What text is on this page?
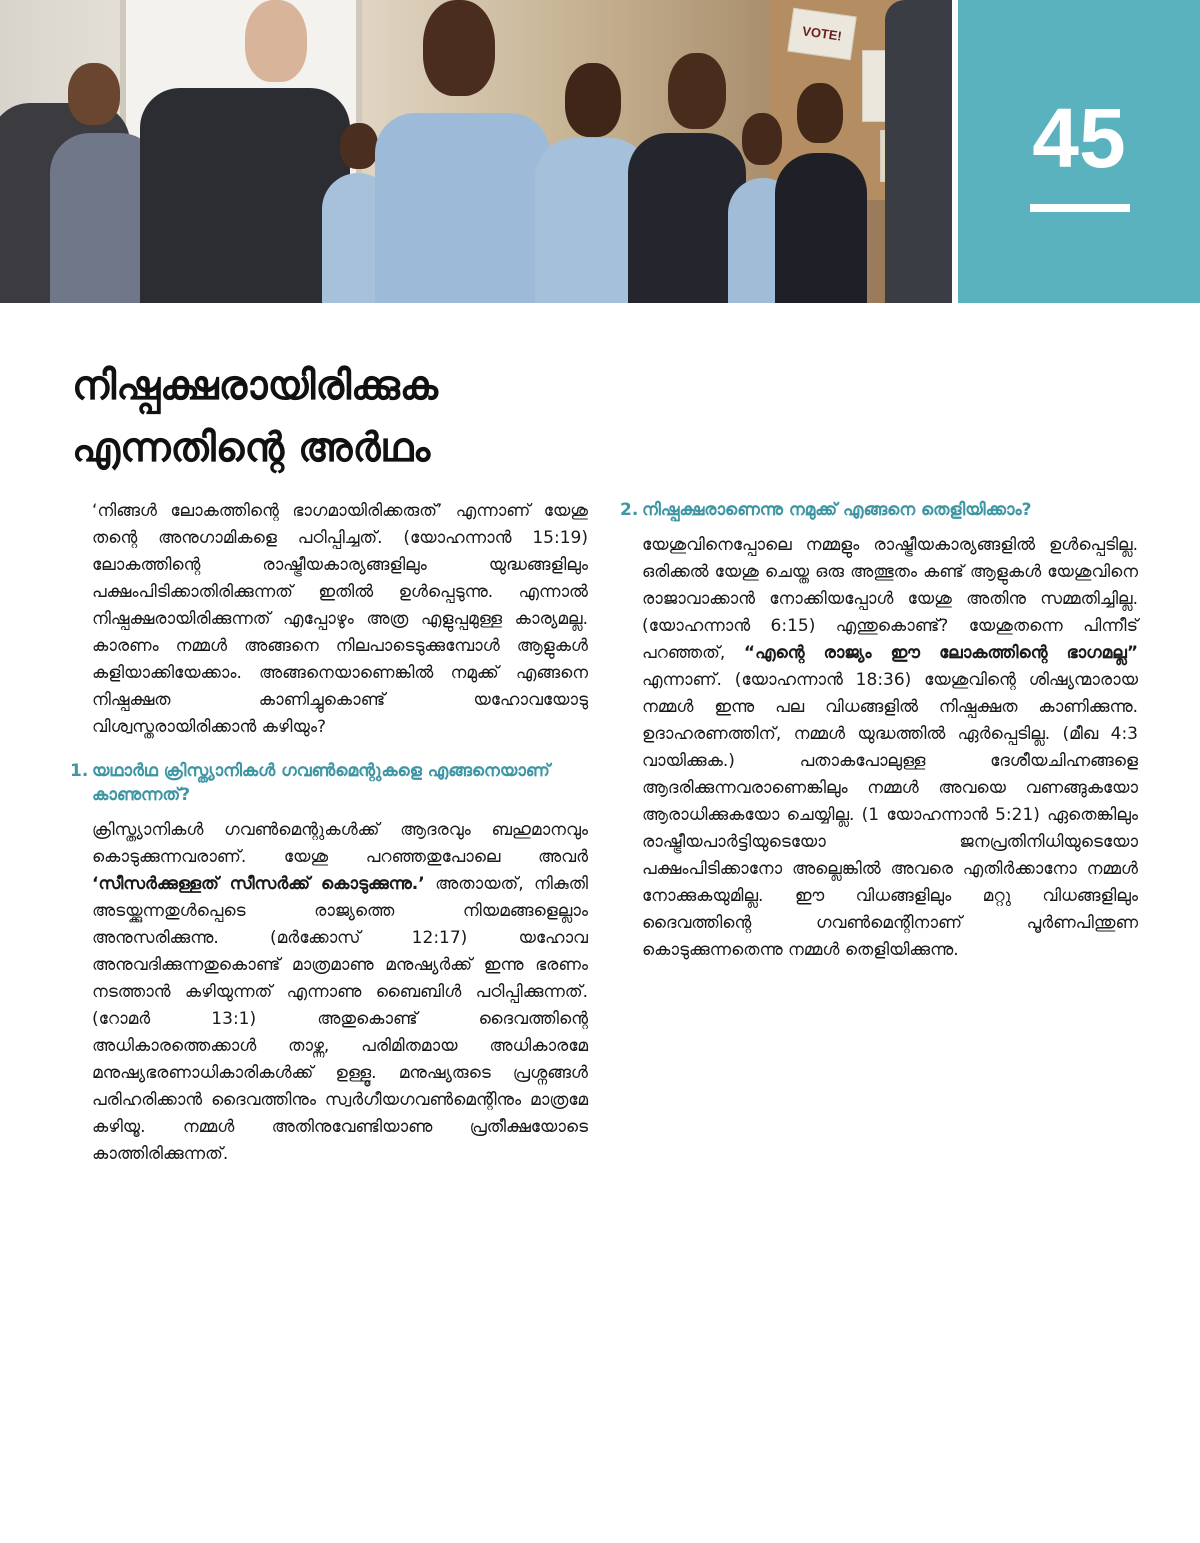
VOTE!
45
നിഷ്പക്ഷരായിരിക്കുക
എന്നതിന്റെ അർഥം

‘നിങ്ങൾ ലോകത്തിന്റെ ഭാഗമായിരിക്കരുത്’ എന്നാണ് യേശു തന്റെ അനുഗാമികളെ പഠിപ്പിച്ചത്. (യോഹന്നാൻ 15:19) ലോകത്തിന്റെ രാഷ്ട്രീയകാര്യങ്ങളിലും യുദ്ധങ്ങളിലും പക്ഷംപിടിക്കാതിരിക്കുന്നത് ഇതിൽ ഉൾപ്പെടുന്നു. എന്നാൽ നിഷ്പക്ഷരായിരിക്കുന്നത് എപ്പോഴും അത്ര എളുപ്പമുള്ള കാര്യമല്ല. കാരണം നമ്മൾ അങ്ങനെ നിലപാടെടുക്കുമ്പോൾ ആളുകൾ കളിയാക്കിയേക്കാം. അങ്ങനെയാണെങ്കിൽ നമുക്ക് എങ്ങനെ നിഷ്പക്ഷത കാണിച്ചുകൊണ്ട് യഹോവയോടു വിശ്വസ്തരായിരിക്കാൻ കഴിയും?

1. യഥാർഥ ക്രിസ്ത്യാനികൾ ഗവൺമെന്റുകളെ എങ്ങനെയാണ് കാണുന്നത്?

ക്രിസ്ത്യാനികൾ ഗവൺമെന്റുകൾക്ക് ആദരവും ബഹുമാനവും കൊടുക്കുന്നവരാണ്. യേശു പറഞ്ഞതുപോലെ അവർ ‘സീസർക്കുള്ളത് സീസർക്ക് കൊടുക്കുന്നു.’ അതായത്, നികുതി അടയ്ക്കുന്നതുൾപ്പെടെ രാജ്യത്തെ നിയമങ്ങളെല്ലാം അനുസരിക്കുന്നു. (മർക്കോസ് 12:17) യഹോവ അനുവദിക്കുന്നതുകൊണ്ട് മാത്രമാണു മനുഷ്യർക്ക് ഇന്നു ഭരണം നടത്താൻ കഴിയുന്നത് എന്നാണു ബൈബിൾ പഠിപ്പിക്കുന്നത്. (റോമർ 13:1) അതുകൊണ്ട് ദൈവത്തിന്റെ അധികാരത്തെക്കാൾ താഴ്ന്ന, പരിമിതമായ അധികാരമേ മനുഷ്യഭരണാധികാരികൾക്ക് ഉള്ളൂ. മനുഷ്യരുടെ പ്രശ്നങ്ങൾ പരിഹരിക്കാൻ ദൈവത്തിനും സ്വർഗീയഗവൺമെന്റിനും മാത്രമേ കഴിയൂ. നമ്മൾ അതിനുവേണ്ടിയാണു പ്രതീക്ഷയോടെ കാത്തിരിക്കുന്നത്.

2. നിഷ്പക്ഷരാണെന്നു നമുക്ക് എങ്ങനെ തെളിയിക്കാം?

യേശുവിനെപ്പോലെ നമ്മളും രാഷ്ട്രീയകാര്യങ്ങളിൽ ഉൾപ്പെടില്ല. ഒരിക്കൽ യേശു ചെയ്ത ഒരു അത്ഭുതം കണ്ട് ആളുകൾ യേശുവിനെ രാജാവാക്കാൻ നോക്കിയപ്പോൾ യേശു അതിനു സമ്മതിച്ചില്ല. (യോഹന്നാൻ 6:15) എന്തുകൊണ്ട്? യേശുതന്നെ പിന്നീട് പറഞ്ഞത്, “എന്റെ രാജ്യം ഈ ലോകത്തിന്റെ ഭാഗമല്ല” എന്നാണ്. (യോഹന്നാൻ 18:36) യേശുവിന്റെ ശിഷ്യന്മാരായ നമ്മൾ ഇന്നു പല വിധങ്ങളിൽ നിഷ്പക്ഷത കാണിക്കുന്നു. ഉദാഹരണത്തിന്, നമ്മൾ യുദ്ധത്തിൽ ഏർപ്പെടില്ല. (മീഖ 4:3 വായിക്കുക.) പതാകപോലുള്ള ദേശീയചിഹ്നങ്ങളെ ആദരിക്കുന്നവരാണെങ്കിലും നമ്മൾ അവയെ വണങ്ങുകയോ ആരാധിക്കുകയോ ചെയ്യില്ല. (1 യോഹന്നാൻ 5:21) ഏതെങ്കിലും രാഷ്ട്രീയപാർട്ടിയുടെയോ ജനപ്രതിനിധിയുടെയോ പക്ഷംപിടിക്കാനോ അല്ലെങ്കിൽ അവരെ എതിർക്കാനോ നമ്മൾ നോക്കുകയുമില്ല. ഈ വിധങ്ങളിലും മറ്റു വിധങ്ങളിലും ദൈവത്തിന്റെ ഗവൺമെന്റിനാണ് പൂർണപിന്തുണ കൊടുക്കുന്നതെന്നു നമ്മൾ തെളിയിക്കുന്നു.
